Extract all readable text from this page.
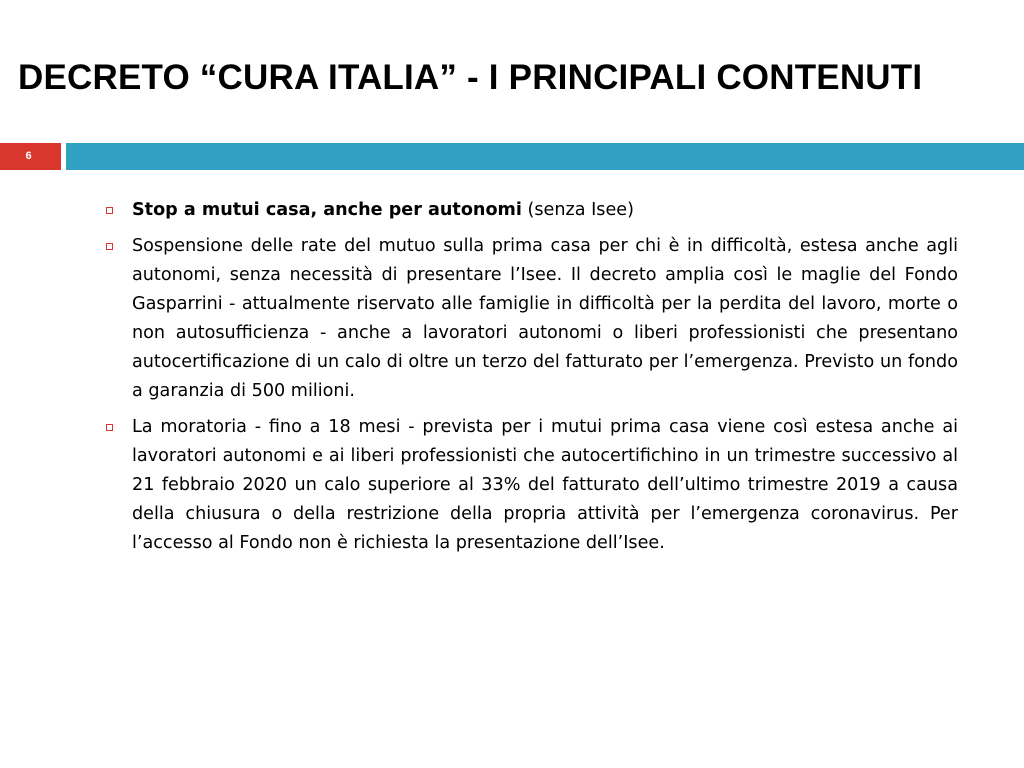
DECRETO “CURA ITALIA” - I PRINCIPALI CONTENUTI
6
Stop a mutui casa, anche per autonomi (senza Isee)
Sospensione delle rate del mutuo sulla prima casa per chi è in difficoltà, estesa anche agli autonomi, senza necessità di presentare l’Isee. Il decreto amplia così le maglie del Fondo Gasparrini - attualmente riservato alle famiglie in difficoltà per la perdita del lavoro, morte o non autosufficienza - anche a lavoratori autonomi o liberi professionisti che presentano autocertificazione di un calo di oltre un terzo del fatturato per l’emergenza. Previsto un fondo a garanzia di 500 milioni.
La moratoria - fino a 18 mesi - prevista per i mutui prima casa viene così estesa anche ai lavoratori autonomi e ai liberi professionisti che autocertifichino in un trimestre successivo al 21 febbraio 2020 un calo superiore al 33% del fatturato dell’ultimo trimestre 2019 a causa della chiusura o della restrizione della propria attività per l’emergenza coronavirus. Per l’accesso al Fondo non è richiesta la presentazione dell’Isee.
